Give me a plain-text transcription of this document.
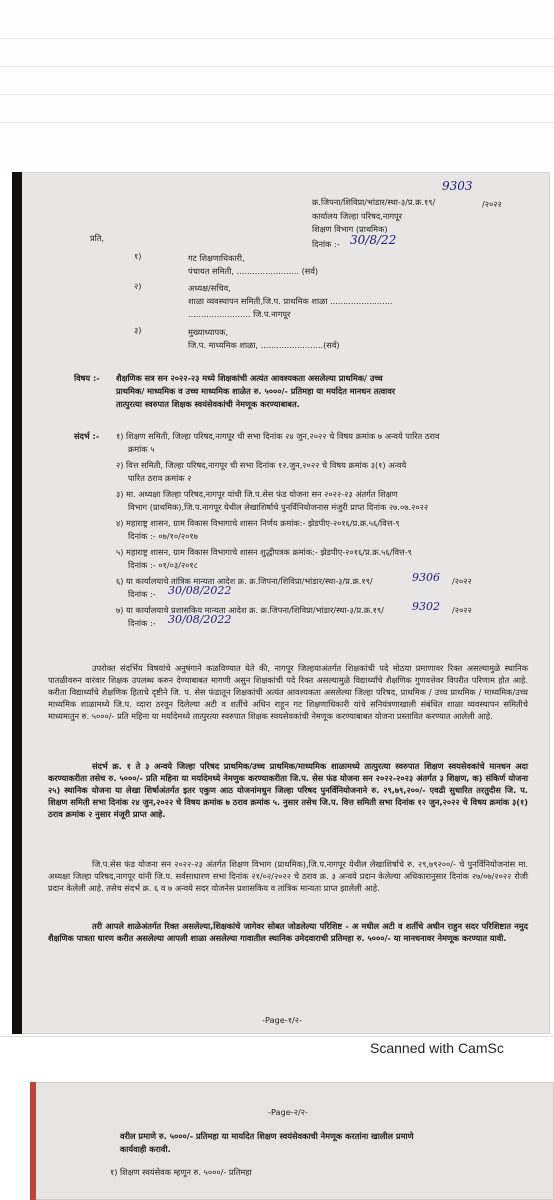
क्र.जिपना/शिविप्रा/भांडार/स्था-३/प्र.क्र.१९/
9303
/२०२२
कार्यालय जिल्हा परिषद,नागपूर
शिक्षण विभाग (प्राथमिक)
दिनांक :- 30/8/22
प्रति,
१)	गट शिक्षणाधिकारी,
पंचायत समिती, ........................ (सर्व)
२)	अध्यक्ष/सचिव,
शाळा व्यवस्थापन समिती,जि.प. प्राथमिक शाळा ........................
........................ जि.प.नागपूर
३)	मुख्याध्यापक,
जि.प. माध्यमिक शाळा, ........................(सर्व)
विषय :- शैक्षणिक सत्र सन २०२२-२३ मध्ये शिक्षकांची अत्यंत आवश्यकता असलेल्या प्राथमिक/ उच्च
प्राथमिक/ माध्यमिक व उच्च माध्यमिक शाळेत रु. ५०००/- प्रतिमहा या मर्यादेत मानधन तत्वावर
तात्पुरत्या स्वरुपात शिक्षक स्वयंसेवकांची नेमणूक करण्याबाबत.
संदर्भ :- १) शिक्षण समिती, जिल्हा परिषद,नागपूर ची सभा दिनांक २४ जुन,२०२२ चे विषय क्रमांक ७ अन्वये पारित ठराव
क्रमांक ५
२) वित्त समिती, जिल्हा परिषद,नागपूर ची सभा दिनांक १२.जुन,२०२२ चे विषय क्रमांक ३(१) अन्वये
पारित ठराव क्रमांक २
३) मा. अध्यक्षा जिल्हा परिषद,नागपूर यांची जि.प.सेस फंड योजना सन २०२२-२३ अंतर्गत शिक्षण
विभाग (प्राथमिक),जि.प.नागपूर येथील लेखाशिर्षाचे पुनर्विनियोजनास मंजुरी प्राप्त दिनांक २७.०७.२०२२
४) महाराष्ट्र शासन, ग्राम विकास विभागाचे शासन निर्णय क्रमांक:- झेडपीए-२०१६/प्र.क्र.५६/वित्त-९
दिनांक :- ०७/१०/२०१७
५) महाराष्ट्र शासन, ग्राम विकास विभागाचे शासन शुद्धीपत्रक क्रमांक:- झेडपीए-२०१६/प्र.क्र.५६/वित्त-९
दिनांक :- ०१/०३/२०१८
६) या कार्यालयाचे तांत्रिक मान्यता आदेश क्र. क्र.जिपना/शिविप्रा/भांडार/स्था-३/प्र.क्र.१९/	9306 /२०२२
दिनांक :- 30/08/2022
७) या कार्यालयाचे प्रशासकिय मान्यता आदेश क्र. क्र.जिपना/शिविप्रा/भांडार/स्था-३/प्र.क्र.१९/	9302 /२०२२
दिनांक :- 30/08/2022
उपरोक्त संदर्भिय विषयांचे अनुषंगाने कळविण्यात येते की, नागपूर जिल्हयाअंतर्गत शिक्षकांची पदे मोठया प्रमाणावर रिक्त असल्यामुळे स्थानिक पातळीवरुन वारंवार शिक्षक उपलब्ध करुन देण्याबाबत मागणी असुन शिक्षकांची पदे रिक्त असल्यामुळे विद्यार्थ्यांचे शैक्षणिक गुणवत्तेवर विपरीत परिणाम होत आहे. करीता विद्यार्थ्यांचे शैक्षणिक हिताचे दृष्टीने जि. प. सेस फंडातून शिक्षकांची अत्यंत आवश्यकता असलेल्या जिल्हा परिषद, प्राथमिक / उच्च प्राथमिक / माध्यमिक/उच्च माध्यमिक शाळामध्ये जि.प. व्दारा ठरवून दिलेल्या अटी व शर्तीचे अधिन राहून गट शिक्षणाधिकारी यांचे सनियंत्रणाखाली संबंधित शाळा व्यवस्थापन समितीचे माध्यमातुन रु. ५०००/- प्रति महिना या मर्यादेमध्ये तात्पुरत्या स्वरुपात शिक्षक स्वयसेवकांची नेमणूक करण्याबाबत योजना प्रस्तावित करण्यात आलेली आहे.
संदर्भ क्र. १ ते ३ अन्वये जिल्हा परिषद प्राथमिक/उच्च प्राथमिक/माध्यमिक शाळामध्ये तात्पुरत्या स्वरुपात शिक्षण स्वयसेवकांचे मानधन अदा करण्याकरीता तसेच रु. ५०००/- प्रति महिना या मर्यादेमध्ये नेमणुक करण्याकरीता जि.प. सेस फंड योजना सन २०२२-२०२३ अंतर्गत ३ शिक्षण, क) संकिर्ण योजना २५) स्थानिक योजना या लेखा शिर्षाअंतर्गत इतर एकुण आठ योजनांमधुन जिल्हा परिषद पुनर्विनियोजनाने रु. २९,७९,२००/- एवढी सुधारित तरतुदीस जि. प. शिक्षण समिती सभा दिनांक २४ जुन,२०२२ चे विषय क्रमांक ७ ठराव क्रमांक ५. नुसार तसेच जि.प. वित्त समिती सभा दिनांक १२ जुन,२०२२ चे विषय क्रमांक ३(१) ठराव क्रमांक २ नुसार मंजूरी प्राप्त आहे.
जि.प.सेस फंड योजना सन २०२२-२३ अंतर्गत शिक्षण विभाग (प्राथमिक),जि.प.नागपूर येथील लेखाशिर्षाचे रु. २९,७९२००/- चे पुनर्विनियोजनांस मा. अध्यक्षा जिल्हा परिषद,नागपूर यांनी जि.प. सर्वसाधारण सभा दिनांक २१/०२/२०२२ चे ठराव क्र. ३ अन्वये प्रदान केलेल्या अधिकारानुसार दिनांक २७/०७/२०२२ रोजी प्रदान केलेली आहे. तसेच संदर्भ क्र. ६ व ७ अन्वये सदर योजनेस प्रशासकिय व तांत्रिक मान्यता प्राप्त झालेली आहे.
तरी आपले शाळेअंतर्गत रिक्त असलेल्या,शिक्षकांचे जागेवर सोबत जोडलेल्या परिशिष्ट - अ मधील अटी व शर्तीचे अधीन राहुन सदर परिशिष्टात नमुद शैक्षणिक पात्रता धारण करीत असलेल्या आपली शाळा असलेल्या गावातील स्थानिक उमेदवाराची प्रतिमहा रु. ५०००/- या मानधनावर नेमणूक करण्यात यावी.
-Page-१/२-
Scanned with CamSc
-Page-२/२-
वरील प्रमाणे रु. ५०००/- प्रतिमहा या मार्यादेत शिक्षण स्वयंसेवकाची नेमणूक करतांना खालील प्रमाणे
कार्यवाही करावी.
१) शिक्षण स्वयंसेवक म्हणून रु. ५०००/- प्रतिमहा
